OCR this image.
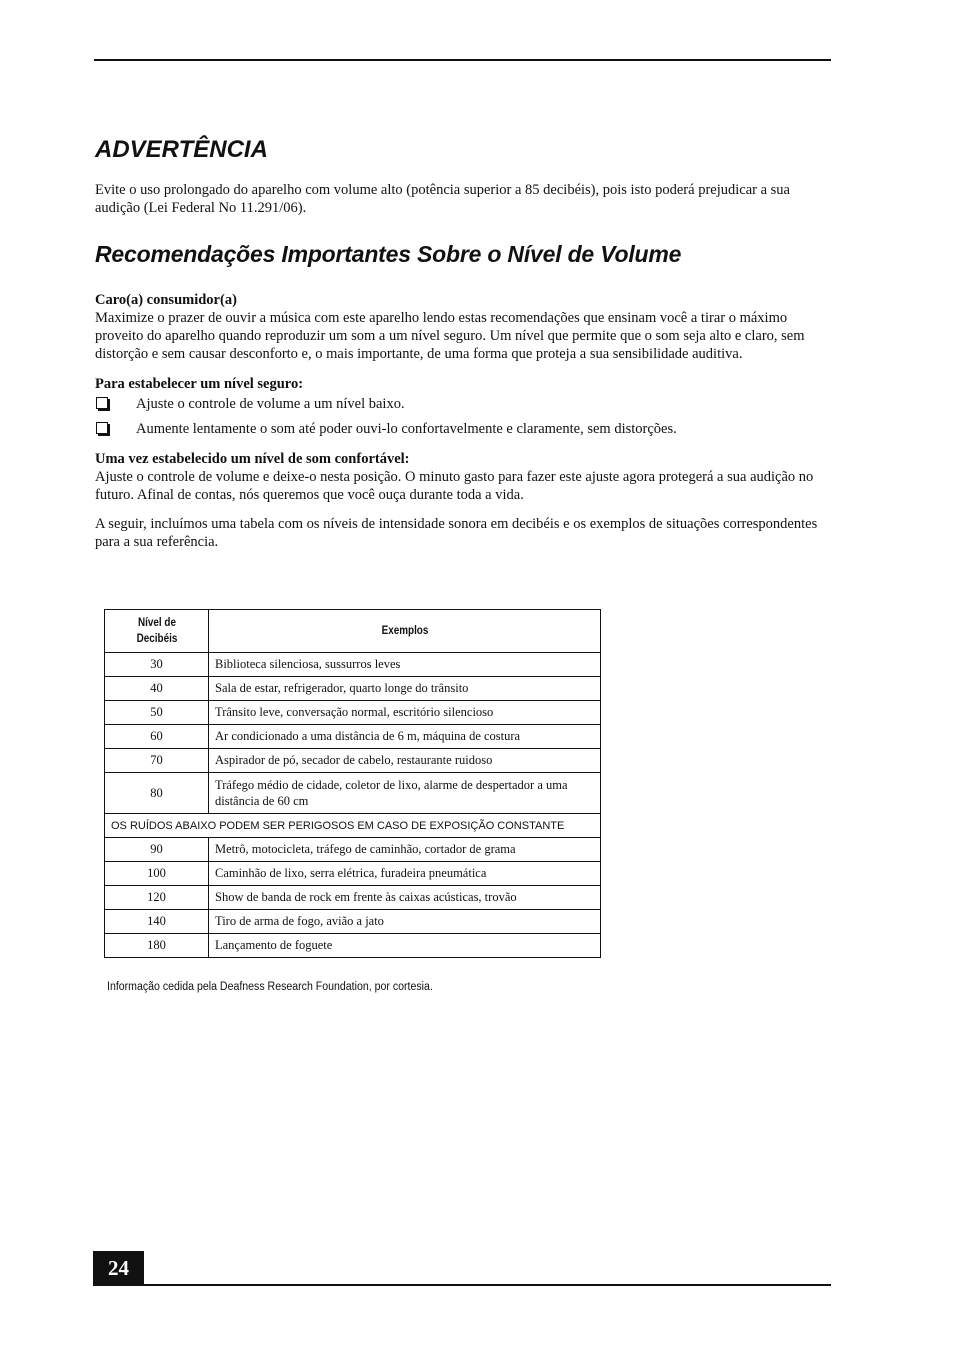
ADVERTÊNCIA

Evite o uso prolongado do aparelho com volume alto (potência superior a 85 decibéis), pois isto poderá prejudicar a sua audição (Lei Federal No 11.291/06).

Recomendações Importantes Sobre o Nível de Volume

Caro(a) consumidor(a)

Maximize o prazer de ouvir a música com este aparelho lendo estas recomendações que ensinam você a tirar o máximo proveito do aparelho quando reproduzir um som a um nível seguro. Um nível que permite que o som seja alto e claro, sem distorção e sem causar desconforto e, o mais importante, de uma forma que proteja a sua sensibilidade auditiva.

Para estabelecer um nível seguro:

Ajuste o controle de volume a um nível baixo.
Aumente lentamente o som até poder ouvi-lo confortavelmente e claramente, sem distorções.

Uma vez estabelecido um nível de som confortável:

Ajuste o controle de volume e deixe-o nesta posição. O minuto gasto para fazer este ajuste agora protegerá a sua audição no futuro. Afinal de contas, nós queremos que você ouça durante toda a vida.

A seguir, incluímos uma tabela com os níveis de intensidade sonora em decibéis e os exemplos de situações correspondentes para a sua referência.

Nível de Decibéis	Exemplos
30	Biblioteca silenciosa, sussurros leves
40	Sala de estar, refrigerador, quarto longe do trânsito
50	Trânsito leve, conversação normal, escritório silencioso
60	Ar condicionado a uma distância de 6 m, máquina de costura
70	Aspirador de pó, secador de cabelo, restaurante ruidoso
80	Tráfego médio de cidade, coletor de lixo, alarme de despertador a uma distância de 60 cm
OS RUÍDOS ABAIXO PODEM SER PERIGOSOS EM CASO DE EXPOSIÇÃO CONSTANTE	
90	Metrô, motocicleta, tráfego de caminhão, cortador de grama
100	Caminhão de lixo, serra elétrica, furadeira pneumática
120	Show de banda de rock em frente às caixas acústicas, trovão
140	Tiro de arma de fogo, avião a jato
180	Lançamento de foguete
Informação cedida pela Deafness Research Foundation, por cortesia.
24
